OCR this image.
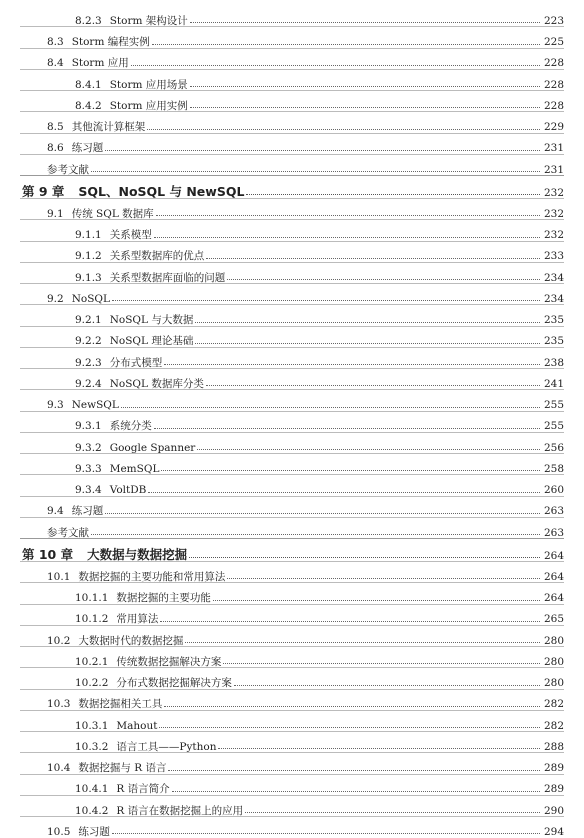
8.2.3 Storm 架构设计	223
8.3 Storm 编程实例	225
8.4 Storm 应用	228
8.4.1 Storm 应用场景	228
8.4.2 Storm 应用实例	228
8.5 其他流计算框架	229
8.6 练习题	231
参考文献	231
第 9 章 SQL、NoSQL 与 NewSQL	232
9.1 传统 SQL 数据库	232
9.1.1 关系模型	232
9.1.2 关系型数据库的优点	233
9.1.3 关系型数据库面临的问题	234
9.2 NoSQL	234
9.2.1 NoSQL 与大数据	235
9.2.2 NoSQL 理论基础	235
9.2.3 分布式模型	238
9.2.4 NoSQL 数据库分类	241
9.3 NewSQL	255
9.3.1 系统分类	255
9.3.2 Google Spanner	256
9.3.3 MemSQL	258
9.3.4 VoltDB	260
9.4 练习题	263
参考文献	263
第 10 章 大数据与数据挖掘	264
10.1 数据挖掘的主要功能和常用算法	264
10.1.1 数据挖掘的主要功能	264
10.1.2 常用算法	265
10.2 大数据时代的数据挖掘	280
10.2.1 传统数据挖掘解决方案	280
10.2.2 分布式数据挖掘解决方案	280
10.3 数据挖掘相关工具	282
10.3.1 Mahout	282
10.3.2 语言工具——Python	288
10.4 数据挖掘与 R 语言	289
10.4.1 R 语言简介	289
10.4.2 R 语言在数据挖掘上的应用	290
10.5 练习题	294
